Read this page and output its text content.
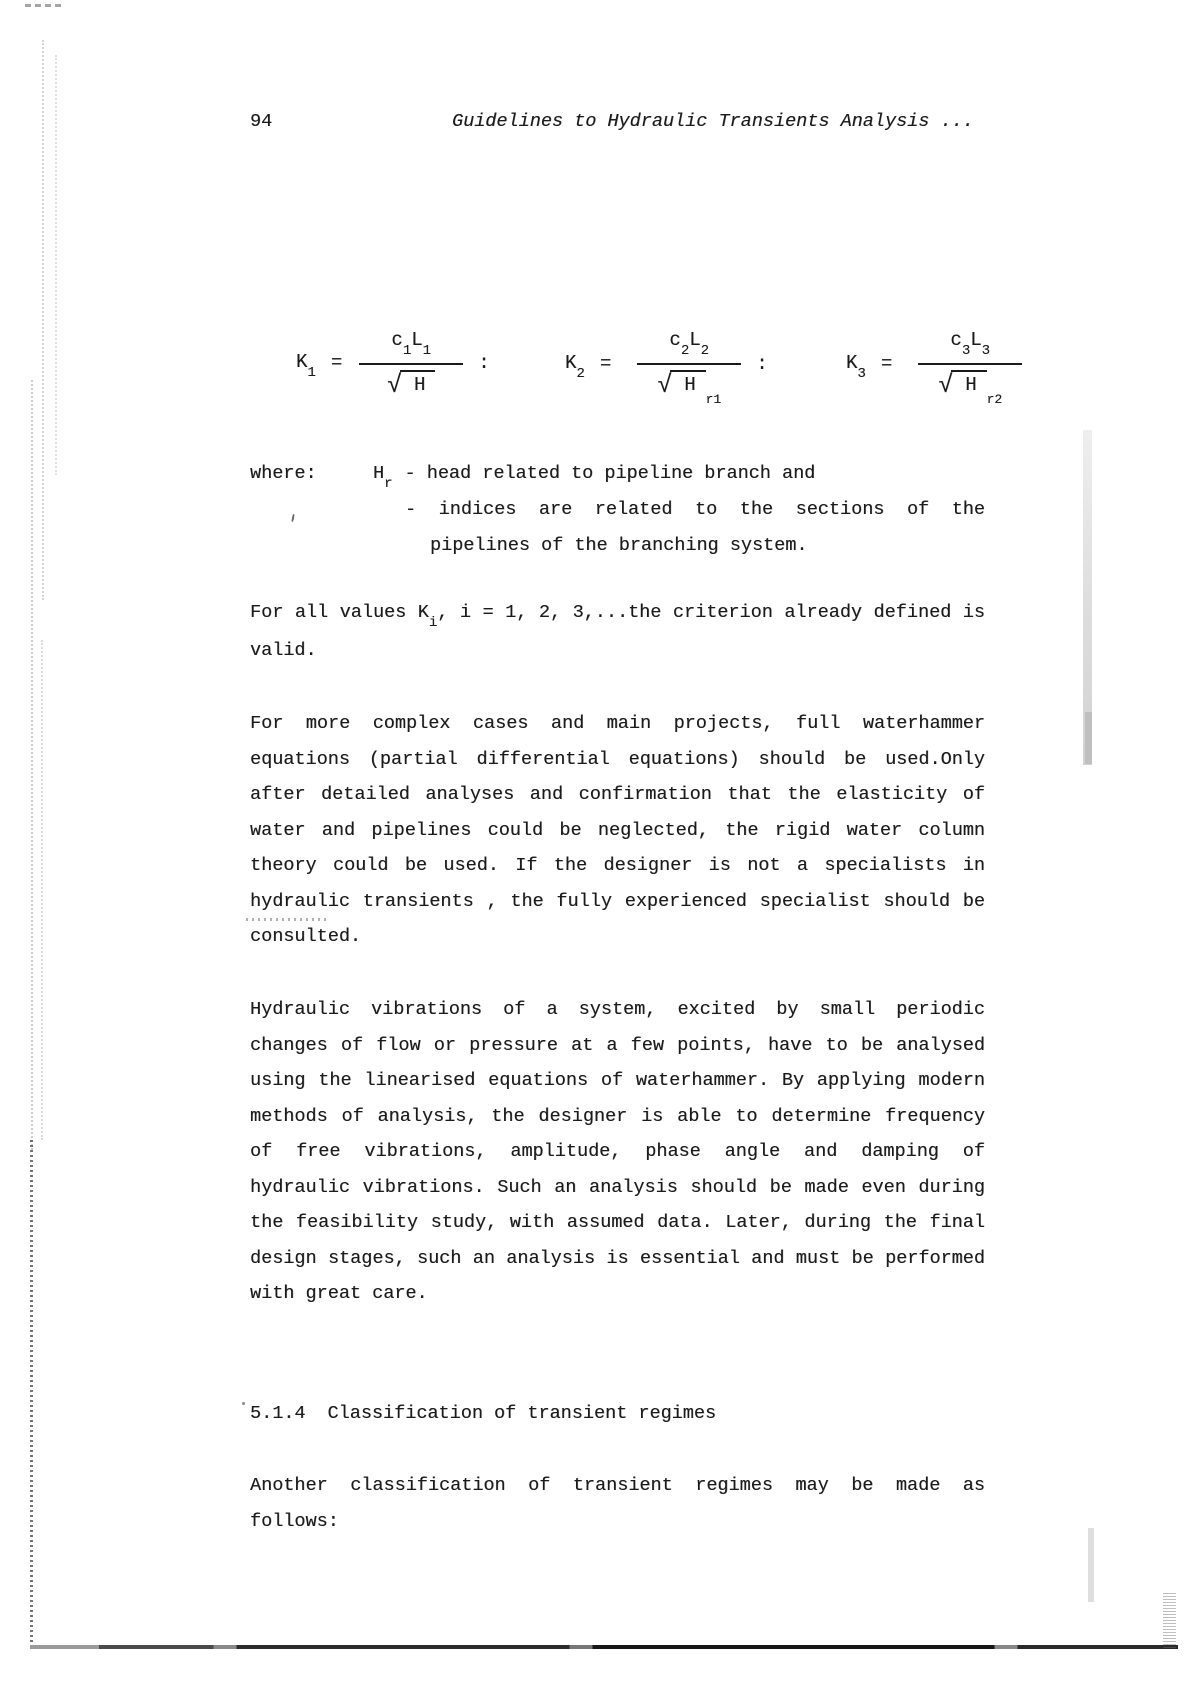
94	Guidelines to Hydraulic Transients Analysis ...
$K1 = \frac{c1L1}{√ H}$ :	$K2 = \frac{c2L2}{√ Hr1}$ :	$K3 = \frac{c3L3}{√ Hr2}$
where:	Hr - head related to pipeline branch and
- indices are related to the sections of the
pipelines of the branching system.
For all values Ki, i = 1, 2, 3,...the criterion already defined is
valid.
For more complex cases and main projects, full waterhammer
equations (partial differential equations) should be used.Only
after detailed analyses and confirmation that the elasticity of
water and pipelines could be neglected, the rigid water column
theory could be used. If the designer is not a specialists in
hydraulic transients , the fully experienced specialist should be
consulted.
Hydraulic vibrations of a system, excited by small periodic
changes of flow or pressure at a few points, have to be analysed
using the linearised equations of waterhammer. By applying modern
methods of analysis, the designer is able to determine frequency
of free vibrations, amplitude, phase angle and damping of
hydraulic vibrations. Such an analysis should be made even during
the feasibility study, with assumed data. Later, during the final
design stages, such an analysis is essential and must be performed
with great care.
5.1.4 Classification of transient regimes
Another classification of transient regimes may be made as
follows:
